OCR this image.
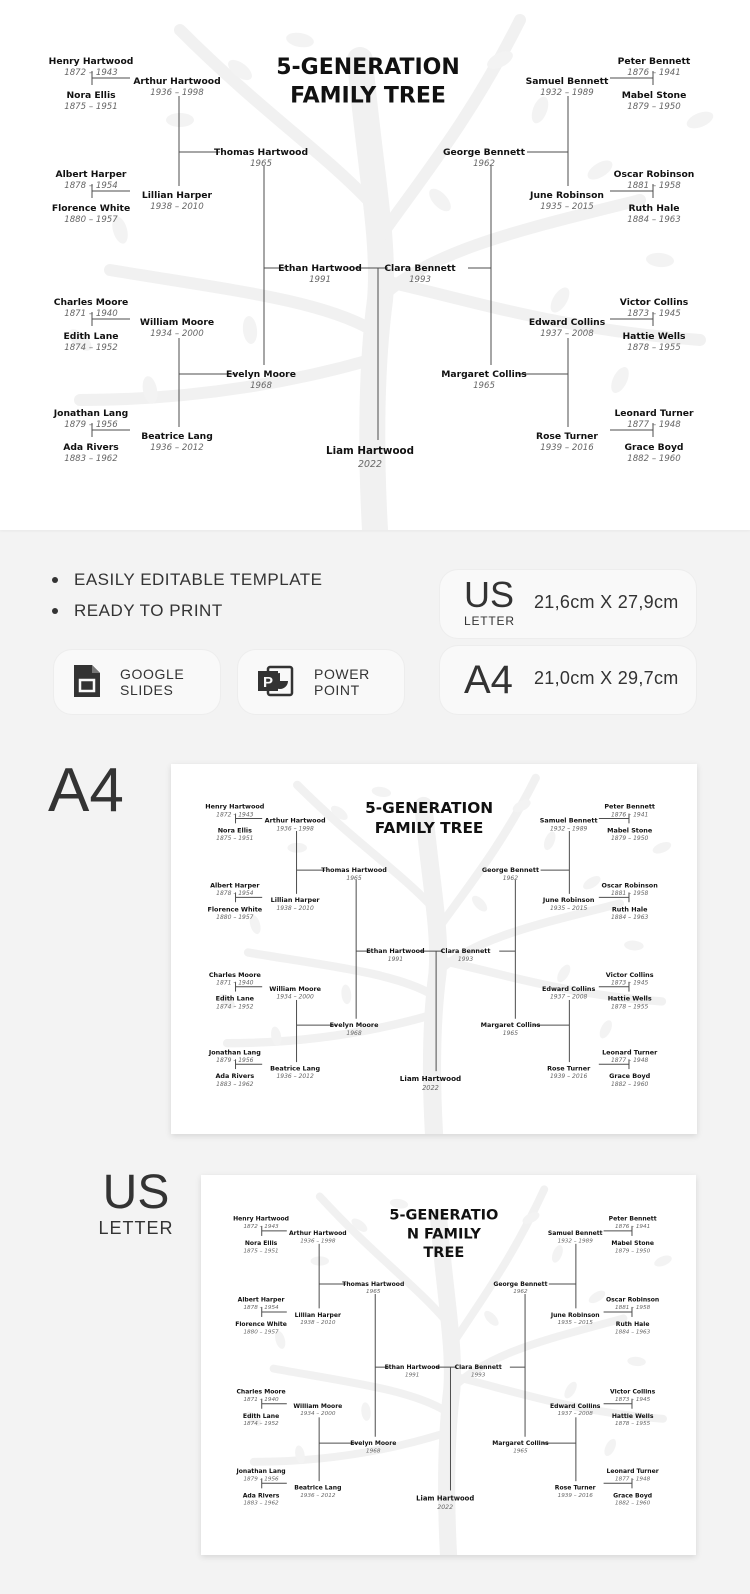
5-GENERATION
FAMILY TREE
Liam Hartwood
2022
Ethan Hartwood
1991
Clara Bennett
1993
Thomas Hartwood
1965
Evelyn Moore
1968
George Bennett
1962
Margaret Collins
1965
Arthur Hartwood
1936 – 1998
Lillian Harper
1938 – 2010
William Moore
1934 – 2000
Beatrice Lang
1936 – 2012
Samuel Bennett
1932 – 1989
June Robinson
1935 – 2015
Edward Collins
1937 – 2008
Rose Turner
1939 – 2016
Henry Hartwood
1872 – 1943
Nora Ellis
1875 – 1951
Albert Harper
1878 – 1954
Florence White
1880 – 1957
Charles Moore
1871 – 1940
Edith Lane
1874 – 1952
Jonathan Lang
1879 – 1956
Ada Rivers
1883 – 1962
Peter Bennett
1876 – 1941
Mabel Stone
1879 – 1950
Oscar Robinson
1881 – 1958
Ruth Hale
1884 – 1963
Victor Collins
1873 – 1945
Hattie Wells
1878 – 1955
Leonard Turner
1877 – 1948
Grace Boyd
1882 – 1960
EASILY EDITABLE TEMPLATE
READY TO PRINT
GOOGLE
SLIDES	P	POWER
POINT
US
LETTER
21,6cm X 27,9cm
A4 21,0cm X 29,7cm
A4	5-GENERATION
FAMILY TREE
Liam Hartwood
2022
Ethan Hartwood
1991
Clara Bennett
1993
Thomas Hartwood
1965
Evelyn Moore
1968
George Bennett
1962
Margaret Collins
1965
Arthur Hartwood
1936 – 1998
Lillian Harper
1938 – 2010
William Moore
1934 – 2000
Beatrice Lang
1936 – 2012
Samuel Bennett
1932 – 1989
June Robinson
1935 – 2015
Edward Collins
1937 – 2008
Rose Turner
1939 – 2016
Henry Hartwood
1872 – 1943
Nora Ellis
1875 – 1951
Albert Harper
1878 – 1954
Florence White
1880 – 1957
Charles Moore
1871 – 1940
Edith Lane
1874 – 1952
Jonathan Lang
1879 – 1956
Ada Rivers
1883 – 1962
Peter Bennett
1876 – 1941
Mabel Stone
1879 – 1950
Oscar Robinson
1881 – 1958
Ruth Hale
1884 – 1963
Victor Collins
1873 – 1945
Hattie Wells
1878 – 1955
Leonard Turner
1877 – 1948
Grace Boyd
1882 – 1960
US
LETTER
5-GENERATIO
N FAMILY
TREE
Liam Hartwood
2022
Ethan Hartwood
1991
Clara Bennett
1993
Thomas Hartwood
1965
Evelyn Moore
1968
George Bennett
1962
Margaret Collins
1965
Arthur Hartwood
1936 – 1998
Lillian Harper
1938 – 2010
William Moore
1934 – 2000
Beatrice Lang
1936 – 2012
Samuel Bennett
1932 – 1989
June Robinson
1935 – 2015
Edward Collins
1937 – 2008
Rose Turner
1939 – 2016
Henry Hartwood
1872 – 1943
Nora Ellis
1875 – 1951
Albert Harper
1878 – 1954
Florence White
1880 – 1957
Charles Moore
1871 – 1940
Edith Lane
1874 – 1952
Jonathan Lang
1879 – 1956
Ada Rivers
1883 – 1962
Peter Bennett
1876 – 1941
Mabel Stone
1879 – 1950
Oscar Robinson
1881 – 1958
Ruth Hale
1884 – 1963
Victor Collins
1873 – 1945
Hattie Wells
1878 – 1955
Leonard Turner
1877 – 1948
Grace Boyd
1882 – 1960
